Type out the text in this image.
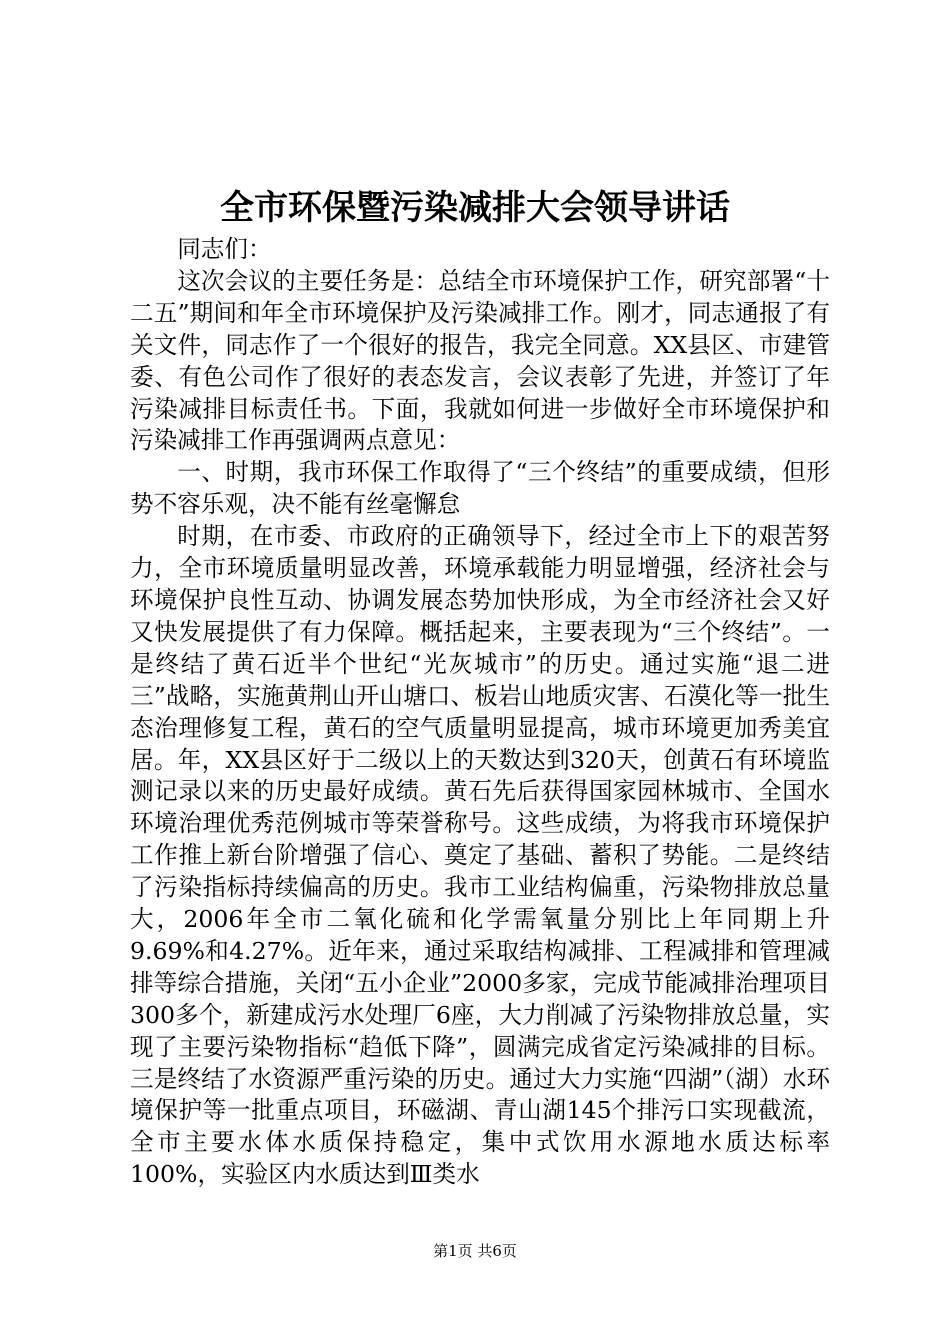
全市环保暨污染减排大会领导讲话

同志们：

这次会议的主要任务是：总结全市环境保护工作，研究部署“十二五”期间和年全市环境保护及污染减排工作。刚才，同志通报了有关文件，同志作了一个很好的报告，我完全同意。XX县区、市建管委、有色公司作了很好的表态发言，会议表彰了先进，并签订了年污染减排目标责任书。下面，我就如何进一步做好全市环境保护和污染减排工作再强调两点意见：

一、时期，我市环保工作取得了“三个终结”的重要成绩，但形势不容乐观，决不能有丝毫懈怠

时期，在市委、市政府的正确领导下，经过全市上下的艰苦努力，全市环境质量明显改善，环境承载能力明显增强，经济社会与环境保护良性互动、协调发展态势加快形成，为全市经济社会又好又快发展提供了有力保障。概括起来，主要表现为“三个终结”。一是终结了黄石近半个世纪“光灰城市”的历史。通过实施“退二进三”战略，实施黄荆山开山塘口、板岩山地质灾害、石漠化等一批生态治理修复工程，黄石的空气质量明显提高，城市环境更加秀美宜居。年，XX县区好于二级以上的天数达到320天，创黄石有环境监测记录以来的历史最好成绩。黄石先后获得国家园林城市、全国水环境治理优秀范例城市等荣誉称号。这些成绩，为将我市环境保护工作推上新台阶增强了信心、奠定了基础、蓄积了势能。二是终结了污染指标持续偏高的历史。我市工业结构偏重，污染物排放总量大，2006年全市二氧化硫和化学需氧量分别比上年同期上升9.69%和4.27%。近年来，通过采取结构减排、工程减排和管理减排等综合措施，关闭“五小企业”2000多家，完成节能减排治理项目300多个，新建成污水处理厂6座，大力削减了污染物排放总量，实现了主要污染物指标“趋低下降”，圆满完成省定污染减排的目标。三是终结了水资源严重污染的历史。通过大力实施“四湖”（湖）水环境保护等一批重点项目，环磁湖、青山湖145个排污口实现截流，全市主要水体水质保持稳定，集中式饮用水源地水质达标率100%，实验区内水质达到Ⅲ类水

第1页 共6页
